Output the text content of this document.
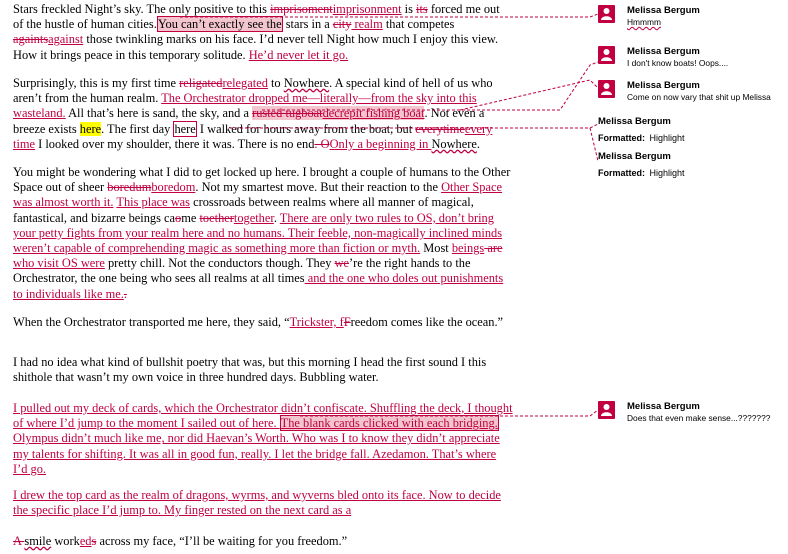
Stars freckled Night’s sky. The only positive to this imprisomentimprisonment is its forced me out of the hustle of human cities.You can’t exactly see the stars in a city realm that competes againtsagainst those twinkling marks on his face. I’d never tell Night how much I enjoy this view. How it brings peace in this temporary solitude. He’d never let it go.

Surprisingly, this is my first time religatedrelegated to Nowhere. A special kind of hell of us who aren’t from the human realm. The Orchestrator dropped me—literally—from the sky into this wasteland. All that’s here is sand, the sky, and a rusted tugboatdecrepit fishing boat. Not even a breeze exists here. The first day here I walked for hours away from the boat, but everytimeevery time I looked over my shoulder, there it was. There is no end. OOnly a beginning in Nowhere.

You might be wondering what I did to get locked up here. I brought a couple of humans to the Other Space out of sheer boredumboredom. Not my smartest move. But their reaction to the Other Space was almost worth it. This place was crossroads between realms where all manner of magical, fantastical, and bizarre beings caome toethertogether. There are only two rules to OS, don’t bring your petty fights from your realm here and no humans. Their feeble, non-magically inclined minds weren’t capable of comprehending magic as something more than fiction or myth. Most beings are who visit OS were pretty chill. Not the conductors though. They we’re the right hands to the Orchestrator, the one being who sees all realms at all times and the one who doles out punishments to individuals like me..

When the Orchestrator transported me here, they said, “Trickster, fFreedom comes like the ocean.”

I had no idea what kind of bullshit poetry that was, but this morning I head the first sound I this shithole that wasn’t my own voice in three hundred days. Bubbling water.

I pulled out my deck of cards, which the Orchestrator didn’t confiscate. Shuffling the deck, I thought of where I’d jump to the moment I sailed out of here. The blank cards clicked with each bridging. Olympus didn’t much like me, nor did Haevan’s Worth. Who was I to know they didn’t appreciate my talents for shifting. It was all in good fun, really. I let the bridge fall. Azedamon. That’s where I’d go.

I drew the top card as the realm of dragons, wyrms, and wyverns bled onto its face. Now to decide the specific place I’d jump to. My finger rested on the next card as a

A smile workeds across my face, “I’ll be waiting for you freedom.”

Melissa Bergum
Hmmmm
Melissa Bergum
I don't know boats! Oops....
Melissa Bergum
Come on now vary that shit up Melissa
Melissa Bergum
Formatted: Highlight
Melissa Bergum
Formatted: Highlight
Melissa Bergum
Does that even make sense...???????
